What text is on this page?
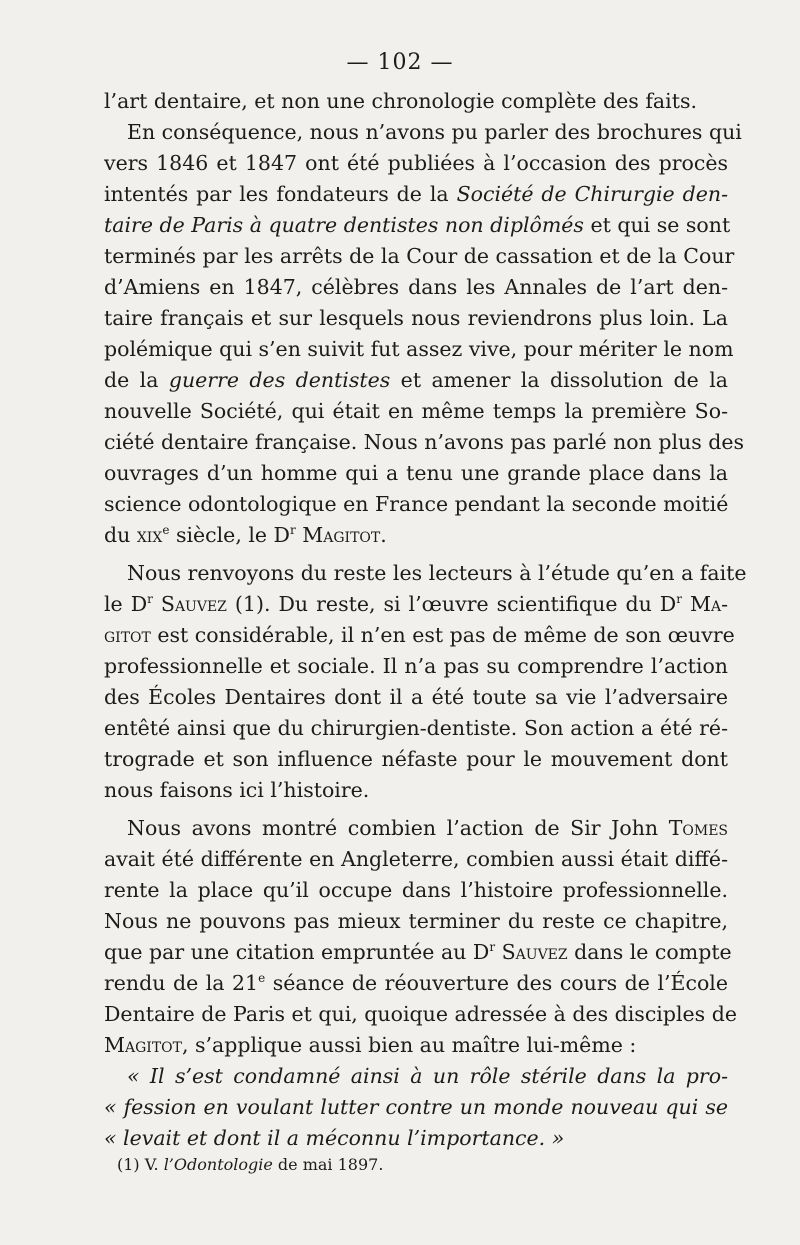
— 102 —
l’art dentaire, et non une chronologie complète des faits.
En conséquence, nous n’avons pu parler des brochures qui
vers 1846 et 1847 ont été publiées à l’occasion des procès
intentés par les fondateurs de la Société de Chirurgie den-
taire de Paris à quatre dentistes non diplômés et qui se sont
terminés par les arrêts de la Cour de cassation et de la Cour
d’Amiens en 1847, célèbres dans les Annales de l’art den-
taire français et sur lesquels nous reviendrons plus loin. La
polémique qui s’en suivit fut assez vive, pour mériter le nom
de la guerre des dentistes et amener la dissolution de la
nouvelle Société, qui était en même temps la première So-
ciété dentaire française. Nous n’avons pas parlé non plus des
ouvrages d’un homme qui a tenu une grande place dans la
science odontologique en France pendant la seconde moitié
du xix$^e$ siècle, le $D^r$ Magitot.
Nous renvoyons du reste les lecteurs à l’étude qu’en a faite
le $D^r$ Sauvez (1). Du reste, si l’œuvre scientifique du $D^r$ Ma-
gitot est considérable, il n’en est pas de même de son œuvre
professionnelle et sociale. Il n’a pas su comprendre l’action
des Écoles Dentaires dont il a été toute sa vie l’adversaire
entêté ainsi que du chirurgien-dentiste. Son action a été ré-
trograde et son influence néfaste pour le mouvement dont
nous faisons ici l’histoire.
Nous avons montré combien l’action de Sir John Tomes
avait été différente en Angleterre, combien aussi était diffé-
rente la place qu’il occupe dans l’histoire professionnelle.
Nous ne pouvons pas mieux terminer du reste ce chapitre,
que par une citation empruntée au $D^r$ Sauvez dans le compte
rendu de la 21e séance de réouverture des cours de l’École
Dentaire de Paris et qui, quoique adressée à des disciples de
Magitot, s’applique aussi bien au maître lui-même :
« Il s’est condamné ainsi à un rôle stérile dans la pro-
« fession en voulant lutter contre un monde nouveau qui se
« levait et dont il a méconnu l’importance. »
(1) V. l’Odontologie de mai 1897.
